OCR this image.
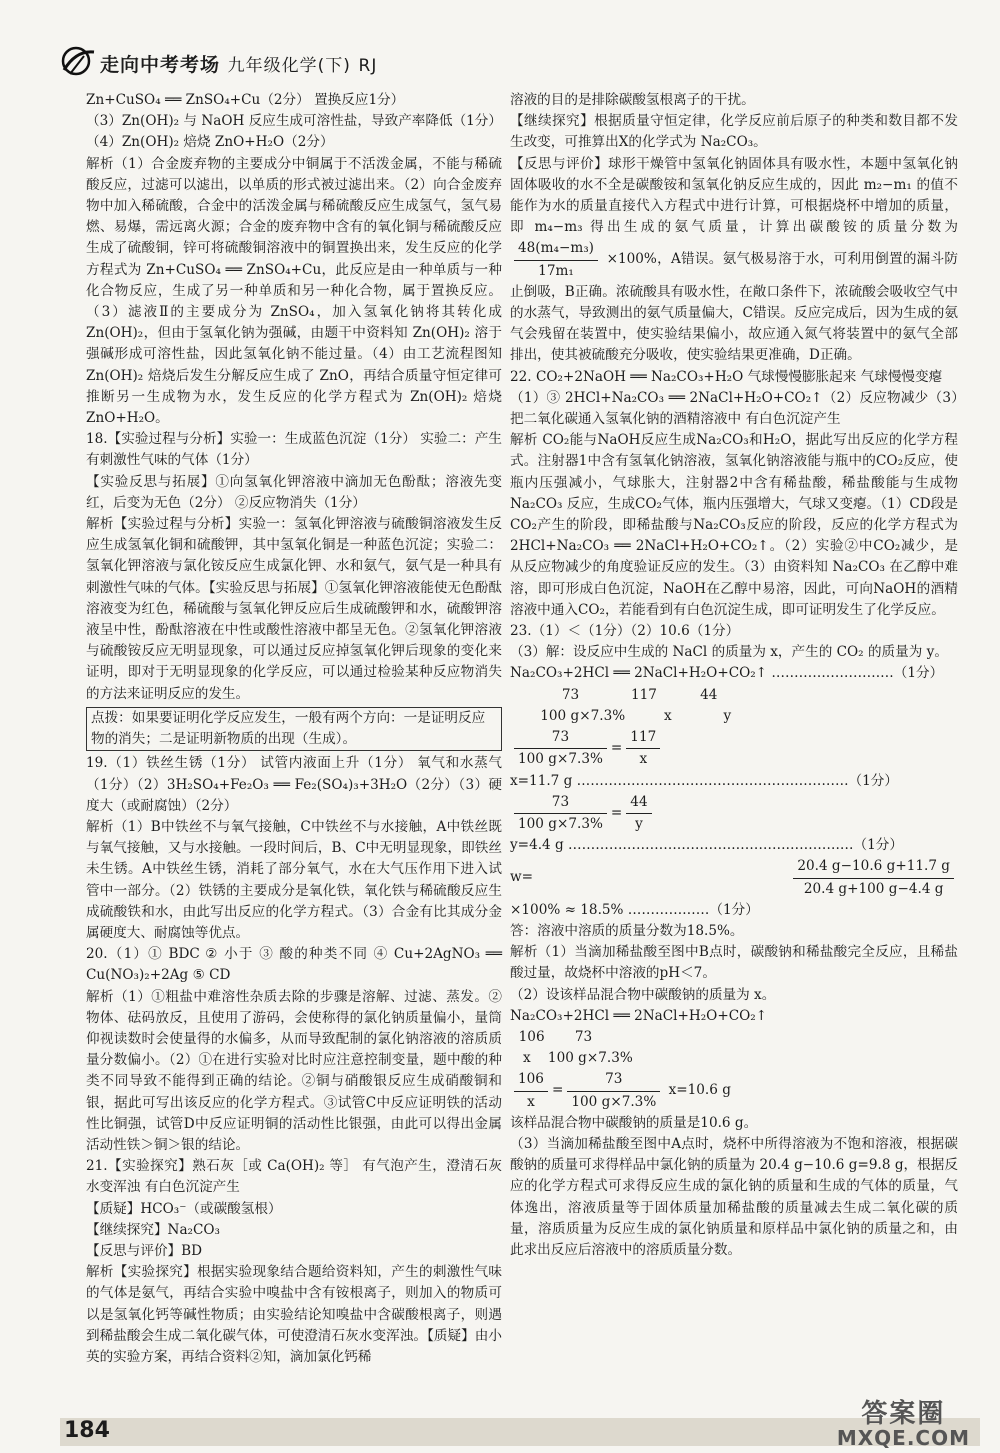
走向中考考场 九年级化学(下) RJ

Zn+CuSO₄ ══ ZnSO₄+Cu（2分） 置换反应1分）

（3）Zn(OH)₂ 与 NaOH 反应生成可溶性盐，导致产率降低（1分）（4）Zn(OH)₂ 焙烧 ZnO+H₂O（2分）

解析（1）合金废弃物的主要成分中铜属于不活泼金属，不能与稀硫酸反应，过滤可以滤出，以单质的形式被过滤出来。（2）向合金废弃物中加入稀硫酸，合金中的活泼金属与稀硫酸反应生成氢气，氢气易燃、易爆，需远离火源；合金的废弃物中含有的氧化铜与稀硫酸反应生成了硫酸铜，锌可将硫酸铜溶液中的铜置换出来，发生反应的化学方程式为 Zn+CuSO₄ ══ ZnSO₄+Cu，此反应是由一种单质与一种化合物反应，生成了另一种单质和另一种化合物，属于置换反应。（3）滤液Ⅱ的主要成分为 ZnSO₄，加入氢氧化钠将其转化成 Zn(OH)₂，但由于氢氧化钠为强碱，由题干中资料知 Zn(OH)₂ 溶于强碱形成可溶性盐，因此氢氧化钠不能过量。（4）由工艺流程图知 Zn(OH)₂ 焙烧后发生分解反应生成了 ZnO，再结合质量守恒定律可推断另一生成物为水，发生反应的化学方程式为 Zn(OH)₂ 焙烧 ZnO+H₂O。

18.【实验过程与分析】实验一：生成蓝色沉淀（1分） 实验二：产生有刺激性气味的气体（1分）

【实验反思与拓展】①向氢氧化钾溶液中滴加无色酚酞；溶液先变红，后变为无色（2分） ②反应物消失（1分）

解析【实验过程与分析】实验一：氢氧化钾溶液与硫酸铜溶液发生反应生成氢氧化铜和硫酸钾，其中氢氧化铜是一种蓝色沉淀；实验二：氢氧化钾溶液与氯化铵反应生成氯化钾、水和氨气，氨气是一种具有刺激性气味的气体。【实验反思与拓展】①氢氧化钾溶液能使无色酚酞溶液变为红色，稀硫酸与氢氧化钾反应后生成硫酸钾和水，硫酸钾溶液呈中性，酚酞溶液在中性或酸性溶液中都呈无色。②氢氧化钾溶液与硫酸铵反应无明显现象，可以通过反应掉氢氧化钾后现象的变化来证明，即对于无明显现象的化学反应，可以通过检验某种反应物消失的方法来证明反应的发生。

点拨：如果要证明化学反应发生，一般有两个方向：一是证明反应物的消失；二是证明新物质的出现（生成）。

19.（1）铁丝生锈（1分） 试管内液面上升（1分） 氧气和水蒸气（1分）（2）3H₂SO₄+Fe₂O₃ ══ Fe₂(SO₄)₃+3H₂O（2分）（3）硬度大（或耐腐蚀）（2分）

解析（1）B中铁丝不与氧气接触，C中铁丝不与水接触，A中铁丝既与氧气接触，又与水接触。一段时间后，B、C中无明显现象，即铁丝未生锈。A中铁丝生锈，消耗了部分氧气，水在大气压作用下进入试管中一部分。（2）铁锈的主要成分是氧化铁，氧化铁与稀硫酸反应生成硫酸铁和水，由此写出反应的化学方程式。（3）合金有比其成分金属硬度大、耐腐蚀等优点。

20.（1）① BDC ② 小于 ③ 酸的种类不同 ④ Cu+2AgNO₃ ══ Cu(NO₃)₂+2Ag ⑤ CD

解析（1）①粗盐中难溶性杂质去除的步骤是溶解、过滤、蒸发。②物体、砝码放反，且使用了游码，会使称得的氯化钠质量偏小，量筒仰视读数时会使量得的水偏多，从而导致配制的氯化钠溶液的溶质质量分数偏小。（2）①在进行实验对比时应注意控制变量，题中酸的种类不同导致不能得到正确的结论。②铜与硝酸银反应生成硝酸铜和银，据此可写出该反应的化学方程式。③试管C中反应证明铁的活动性比铜强，试管D中反应证明铜的活动性比银强，由此可以得出金属活动性铁＞铜＞银的结论。

21.【实验探究】熟石灰［或 Ca(OH)₂ 等］ 有气泡产生，澄清石灰水变浑浊 有白色沉淀产生

【质疑】HCO₃⁻（或碳酸氢根）

【继续探究】Na₂CO₃

【反思与评价】BD

解析【实验探究】根据实验现象结合题给资料知，产生的刺激性气味的气体是氨气，再结合实验中嗅盐中含有铵根离子，则加入的物质可以是氢氧化钙等碱性物质；由实验结论知嗅盐中含碳酸根离子，则遇到稀盐酸会生成二氧化碳气体，可使澄清石灰水变浑浊。【质疑】由小英的实验方案，再结合资料②知，滴加氯化钙稀

溶液的目的是排除碳酸氢根离子的干扰。

【继续探究】根据质量守恒定律，化学反应前后原子的种类和数目都不发生改变，可推算出X的化学式为 Na₂CO₃。

【反思与评价】球形干燥管中氢氧化钠固体具有吸水性，本题中氢氧化钠固体吸收的水不全是碳酸铵和氢氧化钠反应生成的，因此 m₂−m₁ 的值不能作为水的质量直接代入方程式中进行计算，可根据烧杯中增加的质量，即 m₄−m₃ 得出生成的氨气质量，计算出碳酸铵的质量分数为
$\frac{\text{48(m₄−m₃)}}{\text{17m₁}} \times 100\%$，A错误。氨气极易溶于水，可利用倒置的漏斗防止倒吸，B正确。浓硫酸具有吸水性，在敞口条件下，浓硫酸会吸收空气中的水蒸气，导致测出的氨气质量偏大，C错误。反应完成后，因为生成的氨气会残留在装置中，使实验结果偏小，故应通入氮气将装置中的氨气全部排出，使其被硫酸充分吸收，使实验结果更准确，D正确。

22. CO₂+2NaOH ══ Na₂CO₃+H₂O 气球慢慢膨胀起来 气球慢慢变瘪

（1）③ 2HCl+Na₂CO₃ ══ 2NaCl+H₂O+CO₂↑（2）反应物减少（3）把二氧化碳通入氢氧化钠的酒精溶液中 有白色沉淀产生

解析 CO₂能与NaOH反应生成Na₂CO₃和H₂O，据此写出反应的化学方程式。注射器1中含有氢氧化钠溶液，氢氧化钠溶液能与瓶中的CO₂反应，使瓶内压强减小，气球胀大，注射器2中含有稀盐酸，稀盐酸能与生成物 Na₂CO₃ 反应，生成CO₂气体，瓶内压强增大，气球又变瘪。（1）CD段是CO₂产生的阶段，即稀盐酸与Na₂CO₃反应的阶段，反应的化学方程式为 2HCl+Na₂CO₃ ══ 2NaCl+H₂O+CO₂↑。（2）实验②中CO₂减少，是从反应物减少的角度验证反应的发生。（3）由资料知 Na₂CO₃ 在乙醇中难溶，即可形成白色沉淀，NaOH在乙醇中易溶，因此，可向NaOH的酒精溶液中通入CO₂，若能看到有白色沉淀生成，即可证明发生了化学反应。

23.（1）＜（1分）（2）10.6（1分）

（3）解：设反应中生成的 NaCl 的质量为 x，产生的 CO₂ 的质量为 y。

Na₂CO₃+2HCl ══ 2NaCl+H₂O+CO₂↑ ………………………（1分）

73            117          44

100 g×7.3%         x            y

$\frac{73}{100 g\times 7.3\%} = \frac{117}{x}$

x=11.7 g ……………………………………………………（1分）

$\frac{73}{100 g\times 7.3\%} = \frac{44}{y}$

y=4.4 g ………………………………………………………（1分）

w=	$\frac{20.4 g-10.6 g+11.7 g}{20.4 g+100 g-4.4 g}$
×100% ≈ 18.5% ………………（1分）

答：溶液中溶质的质量分数为18.5%。

解析（1）当滴加稀盐酸至图中B点时，碳酸钠和稀盐酸完全反应，且稀盐酸过量，故烧杯中溶液的pH＜7。

（2）设该样品混合物中碳酸钠的质量为 x。

Na₂CO₃+2HCl ══ 2NaCl+H₂O+CO₂↑

106       73

x    100 g×7.3%

$\frac{106}{x} = \frac{73}{100 g\times 7.3\%} x=10.6$ g

该样品混合物中碳酸钠的质量是10.6 g。

（3）当滴加稀盐酸至图中A点时，烧杯中所得溶液为不饱和溶液，根据碳酸钠的质量可求得样品中氯化钠的质量为 20.4 g−10.6 g=9.8 g，根据反应的化学方程式可求得反应生成的氯化钠的质量和生成的气体的质量，气体逸出，溶液质量等于固体质量加稀盐酸的质量减去生成二氧化碳的质量，溶质质量为反应生成的氯化钠质量和原样品中氯化钠的质量之和，由此求出反应后溶液中的溶质质量分数。

184
答案圈
MXQE.COM
